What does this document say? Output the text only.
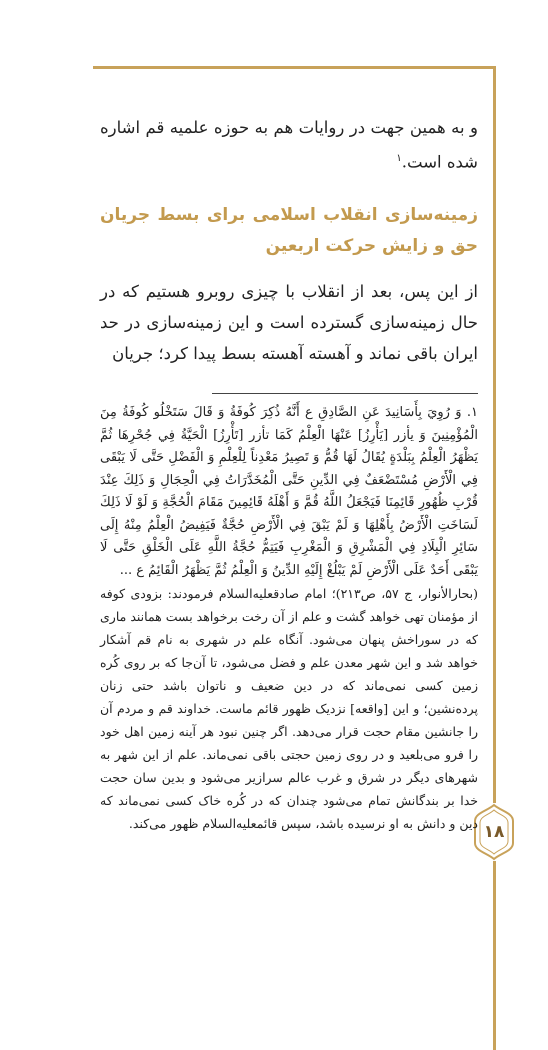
۱۸

و به همین جهت در روایات هم به حوزه علمیه قم اشاره شده است.$^۱$

زمینه‌سازی انقلاب اسلامی برای بسط جریان حق و زایش حرکت اربعین

از این پس، بعد از انقلاب با چیزی روبرو هستیم که در حال زمینه‌سازی گسترده است و این زمینه‌سازی در حد ایران باقی نماند و آهسته آهسته بسط پیدا کرد؛ جریان

۱. وَ رُوِيَ بِأَسَانِيدَ عَنِ الصَّادِقِ ع أَنَّهُ ذُكِرَ كُوفَةُ وَ قَالَ سَتَخْلُو كُوفَةُ مِنَ الْمُؤْمِنِينَ وَ يأزر [يَأْرِزُ] عَنْهَا الْعِلْمُ كَمَا تأزر [تَأْرِزُ] الْحَيَّةُ فِي جُحْرِهَا ثُمَّ يَظْهَرُ الْعِلْمُ بِبَلْدَةٍ يُقَالُ لَهَا قُمُّ وَ تَصِيرُ مَعْدِناً لِلْعِلْمِ وَ الْفَضْلِ حَتَّى لَا يَبْقَى فِي الْأَرْضِ مُسْتَضْعَفٌ فِي الدِّينِ حَتَّى الْمُخَدَّرَاتُ فِي الْحِجَالِ وَ ذَلِكَ عِنْدَ قُرْبِ ظُهُورِ قَائِمِنَا فَيَجْعَلُ اللَّهُ قُمَّ وَ أَهْلَهُ قَائِمِينَ مَقَامَ الْحُجَّةِ وَ لَوْ لَا ذَلِكَ لَسَاخَتِ الْأَرْضُ بِأَهْلِهَا وَ لَمْ يَبْقَ فِي الْأَرْضِ حُجَّةٌ فَيَفِيضُ الْعِلْمُ مِنْهُ إِلَى سَائِرِ الْبِلَادِ فِي الْمَشْرِقِ وَ الْمَغْرِبِ فَيَتِمُّ حُجَّةُ اللَّهِ عَلَى الْخَلْقِ حَتَّى لَا يَبْقَى أَحَدٌ عَلَى الْأَرْضِ لَمْ يَبْلُغْ إِلَيْهِ الدِّينُ وَ الْعِلْمُ ثُمَّ يَظْهَرُ الْقَائِمُ ع ...

(بحارالأنوار، ج ۵۷، ص۲۱۳)؛ امام صادقعليه‌السلام فرمودند: بزودی کوفه از مؤمنان تهی خواهد گشت و علم از آن رخت برخواهد بست همانند ماری که در سوراخش پنهان می‌شود. آنگاه علم در شهری به نام قم آشکار خواهد شد و این شهر معدن علم و فضل می‌شود، تا آن‌جا که بر روی کُره زمین کسی نمی‌ماند که در دین ضعیف و ناتوان باشد حتی زنان پرده‌نشین؛ و این [واقعه] نزدیک ظهور قائم ماست. خداوند قم و مردم آن را جانشین مقام حجت قرار می‌دهد. اگر چنین نبود هر آینه زمین اهل خود را فرو می‌بلعید و در روی زمین حجتی باقی نمی‌ماند. علم از این شهر به شهرهای دیگر در شرق و غرب عالم سرازیر می‌شود و بدین سان حجت خدا بر بندگانش تمام می‌شود چندان که در کُره خاک کسی نمی‌ماند که دین و دانش به او نرسیده باشد، سپس قائمعليه‌السلام ظهور می‌کند.
